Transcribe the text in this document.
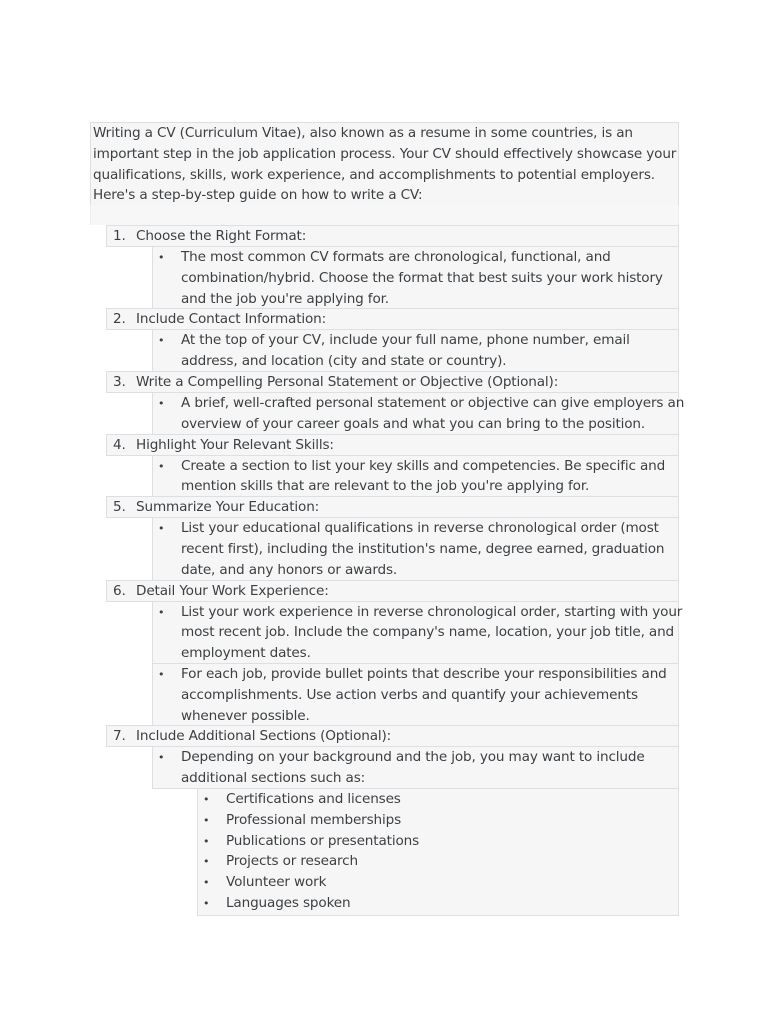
Writing a CV (Curriculum Vitae), also known as a resume in some countries, is an
important step in the job application process. Your CV should effectively showcase your
qualifications, skills, work experience, and accomplishments to potential employers.
Here's a step-by-step guide on how to write a CV:
1. Choose the Right Format:
• The most common CV formats are chronological, functional, and
combination/hybrid. Choose the format that best suits your work history
and the job you're applying for.
2. Include Contact Information:
• At the top of your CV, include your full name, phone number, email
address, and location (city and state or country).
3. Write a Compelling Personal Statement or Objective (Optional):
• A brief, well-crafted personal statement or objective can give employers an
overview of your career goals and what you can bring to the position.
4. Highlight Your Relevant Skills:
• Create a section to list your key skills and competencies. Be specific and
mention skills that are relevant to the job you're applying for.
5. Summarize Your Education:
• List your educational qualifications in reverse chronological order (most
recent first), including the institution's name, degree earned, graduation
date, and any honors or awards.
6. Detail Your Work Experience:
• List your work experience in reverse chronological order, starting with your
most recent job. Include the company's name, location, your job title, and
employment dates.
• For each job, provide bullet points that describe your responsibilities and
accomplishments. Use action verbs and quantify your achievements
whenever possible.
7. Include Additional Sections (Optional):
• Depending on your background and the job, you may want to include
additional sections such as:
•
•
•
•
•
•
Certifications and licenses
Professional memberships
Publications or presentations
Projects or research
Volunteer work
Languages spoken
